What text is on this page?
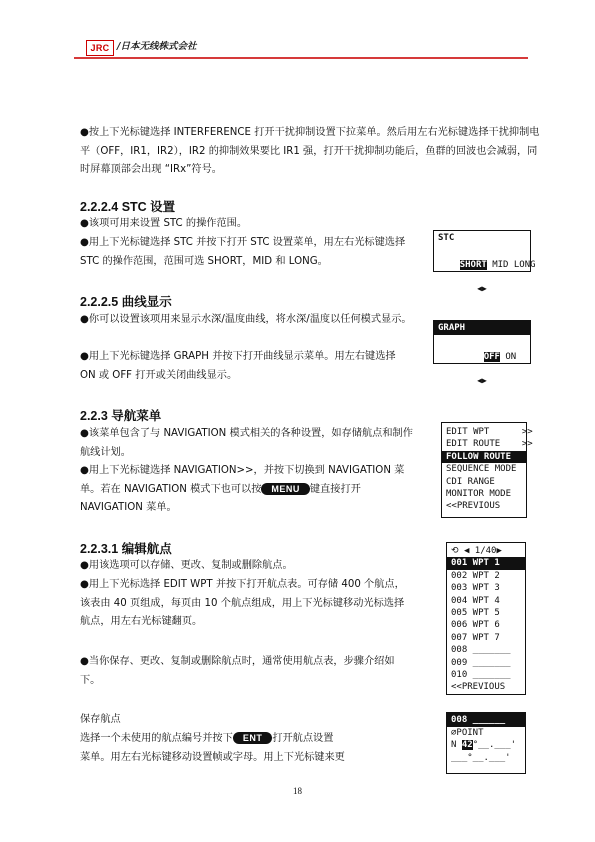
JRC /日本无线株式会社
●按上下光标键选择 INTERFERENCE 打开干扰抑制设置下拉菜单。然后用左右光标键选择干扰抑制电平（OFF，IR1，IR2），IR2 的抑制效果要比 IR1 强，打开干扰抑制功能后，鱼群的回波也会减弱，同时屏幕顶部会出现 “IRx”符号。
2.2.2.4 STC 设置
●该项可用来设置 STC 的操作范围。
●用上下光标键选择 STC 并按下打开 STC 设置菜单，用左右光标键选择 STC 的操作范围，范围可选 SHORT，MID 和 LONG。
STC

SHORT MID LONG

◀▶
2.2.2.5 曲线显示
●你可以设置该项用来显示水深/温度曲线，将水深/温度以任何模式显示。
●用上下光标键选择 GRAPH 并按下打开曲线显示菜单。用左右键选择 ON 或 OFF 打开或关闭曲线显示。
GRAPH

OFF ON

◀▶
2.2.3 导航菜单
●该菜单包含了与 NAVIGATION 模式相关的各种设置，如存储航点和制作航线计划。
●用上下光标键选择 NAVIGATION>>，并按下切换到 NAVIGATION 菜单。若在 NAVIGATION 模式下也可以按 MENU 键直接打开 NAVIGATION 菜单。
EDIT WPT      >>
EDIT ROUTE    >>
FOLLOW ROUTE
SEQUENCE MODE
CDI RANGE
MONITOR MODE
<<PREVIOUS
2.2.3.1 编辑航点
●用该选项可以存储、更改、复制或删除航点。
●用上下光标选择 EDIT WPT 并按下打开航点表。可存储 400 个航点，该表由 40 页组成，每页由 10 个航点组成，用上下光标键移动光标选择航点，用左右光标键翻页。
●当你保存、更改、复制或删除航点时，通常使用航点表，步骤介绍如下。
⟲ ◀ 1/40▶
001 WPT 1
002 WPT 2
003 WPT 3
004 WPT 4
005 WPT 5
006 WPT 6
007 WPT 7
008 _______
009 _______
010 _______
<<PREVIOUS
保存航点
选择一个未使用的航点编号并按下 ENT 打开航点设置
菜单。用左右光标键移动设置帧或字母。用上下光标键来更
008 ______
⌀POINT
N 42°__.___'
___°__.___'
18
